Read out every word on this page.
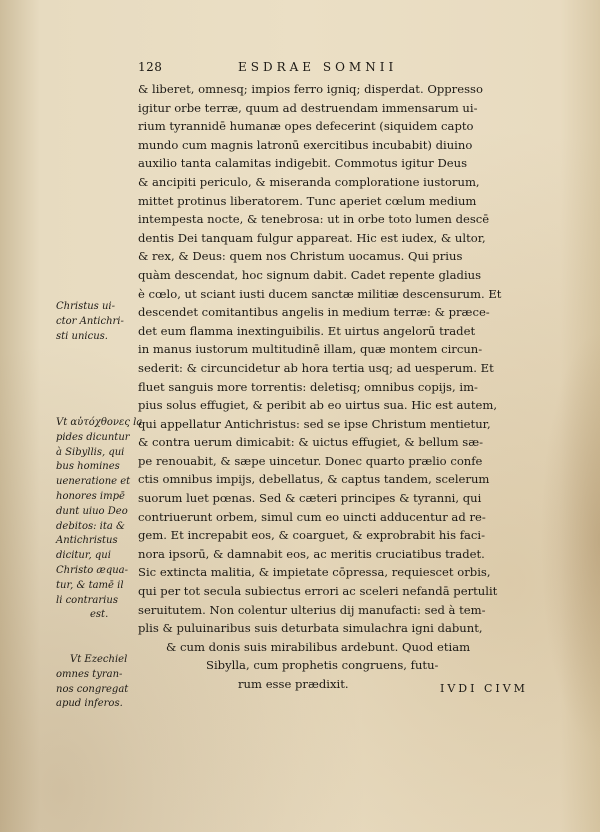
128	ESDRAE SOMNII
& liberet, omnesq; impios ferro igniq; disperdat. Oppresso
igitur orbe terræ, quum ad destruendam immensarum ui-
rium tyrannidē humanæ opes defecerint (siquidem capto
mundo cum magnis latronū exercitibus incubabit) diuino
auxilio tanta calamitas indigebit. Commotus igitur Deus
& ancipiti periculo, & miseranda comploratione iustorum,
mittet protinus liberatorem. Tunc aperiet cœlum medium
intempesta nocte, & tenebrosa: ut in orbe toto lumen descē
dentis Dei tanquam fulgur appareat. Hic est iudex, & ultor,
& rex, & Deus: quem nos Christum uocamus. Qui prius
quàm descendat, hoc signum dabit. Cadet repente gladius
è cœlo, ut sciant iusti ducem sanctæ militiæ descensurum. Et
descendet comitantibus angelis in medium terræ: & præce-
det eum flamma inextinguibilis. Et uirtus angelorū tradet
in manus iustorum multitudinē illam, quæ montem circun-
sederit: & circuncidetur ab hora tertia usq; ad uesperum. Et
fluet sanguis more torrentis: deletisq; omnibus copijs, im-
pius solus effugiet, & peribit ab eo uirtus sua. Hic est autem,
qui appellatur Antichristus: sed se ipse Christum mentietur,
& contra uerum dimicabit: & uictus effugiet, & bellum sæ-
pe renouabit, & sæpe uincetur. Donec quarto prælio confe
ctis omnibus impijs, debellatus, & captus tandem, scelerum
suorum luet pœnas. Sed & cæteri principes & tyranni, qui
contriuerunt orbem, simul cum eo uincti adducentur ad re-
gem. Et increpabit eos, & coarguet, & exprobrabit his faci-
nora ipsorū, & damnabit eos, ac meritis cruciatibus tradet.
Sic extincta malitia, & impietate cōpressa, requiescet orbis,
qui per tot secula subiectus errori ac sceleri nefandā pertulit
seruitutem. Non colentur ulterius dij manufacti: sed à tem-
plis & puluinaribus suis deturbata simulachra igni dabunt,
& cum donis suis mirabilibus ardebunt. Quod etiam
Sibylla, cum prophetis congruens, futu-
rum esse prædixit.	IVDI CIVM
Christus ui-
ctor Antichri-
sti unicus.
Vt αὐτόχθονες la
pides dicuntur
à Sibyllis, qui
bus homines
ueneratione et
honores impē
dunt uiuo Deo
debitos: ita &
Antichristus
dicitur, qui
Christo æqua-
tur, & tamē il
li contrarius
est.
Vt Ezechiel
omnes tyran-
nos congregat
apud inferos.
